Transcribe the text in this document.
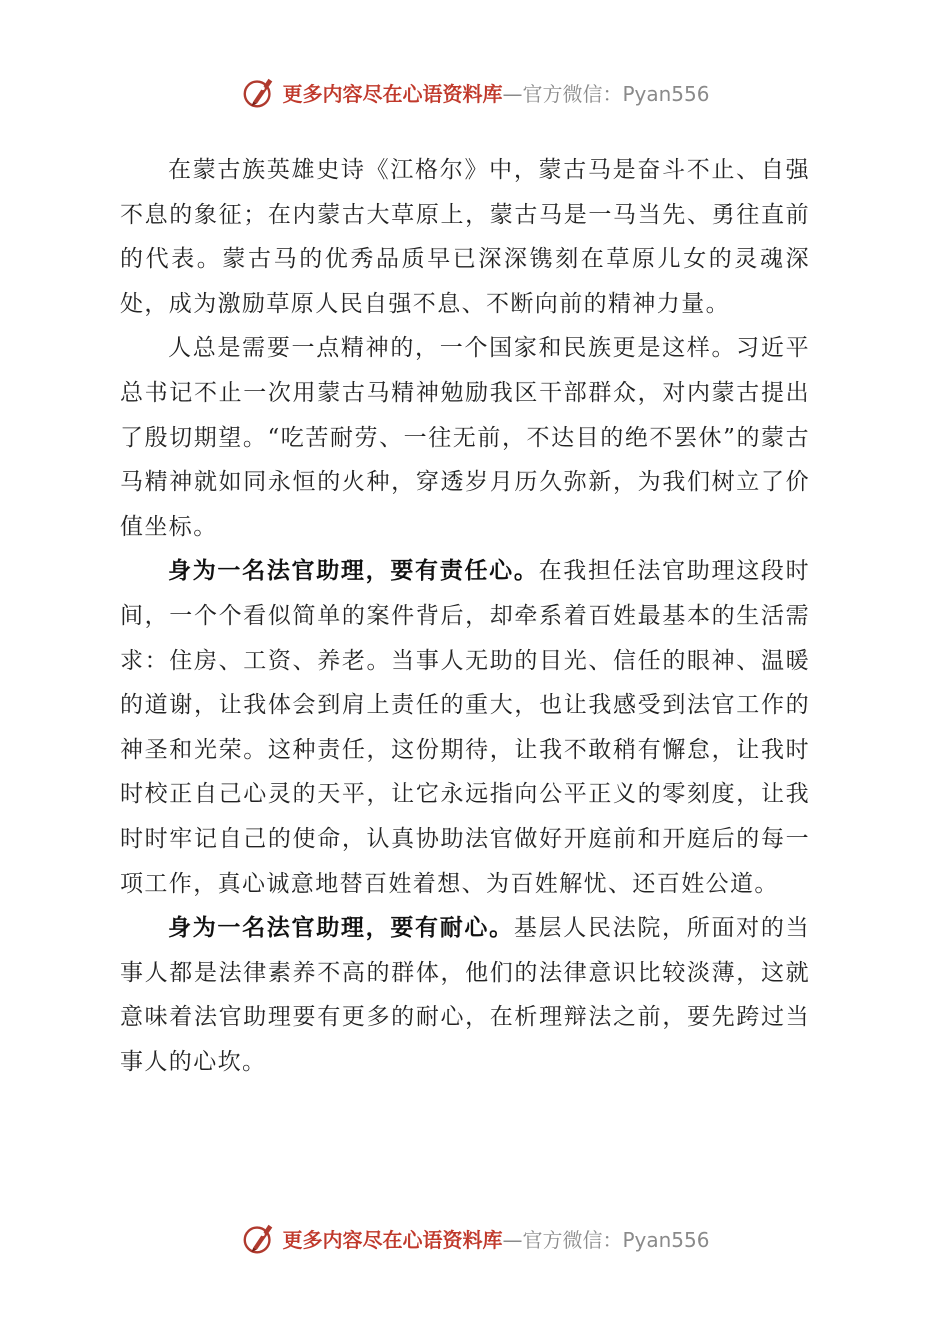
更多内容尽在心语资料库 —官方微信：Pyan556

在蒙古族英雄史诗《江格尔》中，蒙古马是奋斗不止、自强不息的象征；在内蒙古大草原上，蒙古马是一马当先、勇往直前的代表。蒙古马的优秀品质早已深深镌刻在草原儿女的灵魂深处，成为激励草原人民自强不息、不断向前的精神力量。

人总是需要一点精神的，一个国家和民族更是这样。习近平总书记不止一次用蒙古马精神勉励我区干部群众，对内蒙古提出了殷切期望。“吃苦耐劳、一往无前，不达目的绝不罢休”的蒙古马精神就如同永恒的火种，穿透岁月历久弥新，为我们树立了价值坐标。

身为一名法官助理，要有责任心。在我担任法官助理这段时间，一个个看似简单的案件背后，却牵系着百姓最基本的生活需求：住房、工资、养老。当事人无助的目光、信任的眼神、温暖的道谢，让我体会到肩上责任的重大，也让我感受到法官工作的神圣和光荣。这种责任，这份期待，让我不敢稍有懈怠，让我时时校正自己心灵的天平，让它永远指向公平正义的零刻度，让我时时牢记自己的使命，认真协助法官做好开庭前和开庭后的每一项工作，真心诚意地替百姓着想、为百姓解忧、还百姓公道。

身为一名法官助理，要有耐心。基层人民法院，所面对的当事人都是法律素养不高的群体，他们的法律意识比较淡薄，这就意味着法官助理要有更多的耐心，在析理辩法之前，要先跨过当事人的心坎。

更多内容尽在心语资料库 —官方微信：Pyan556
